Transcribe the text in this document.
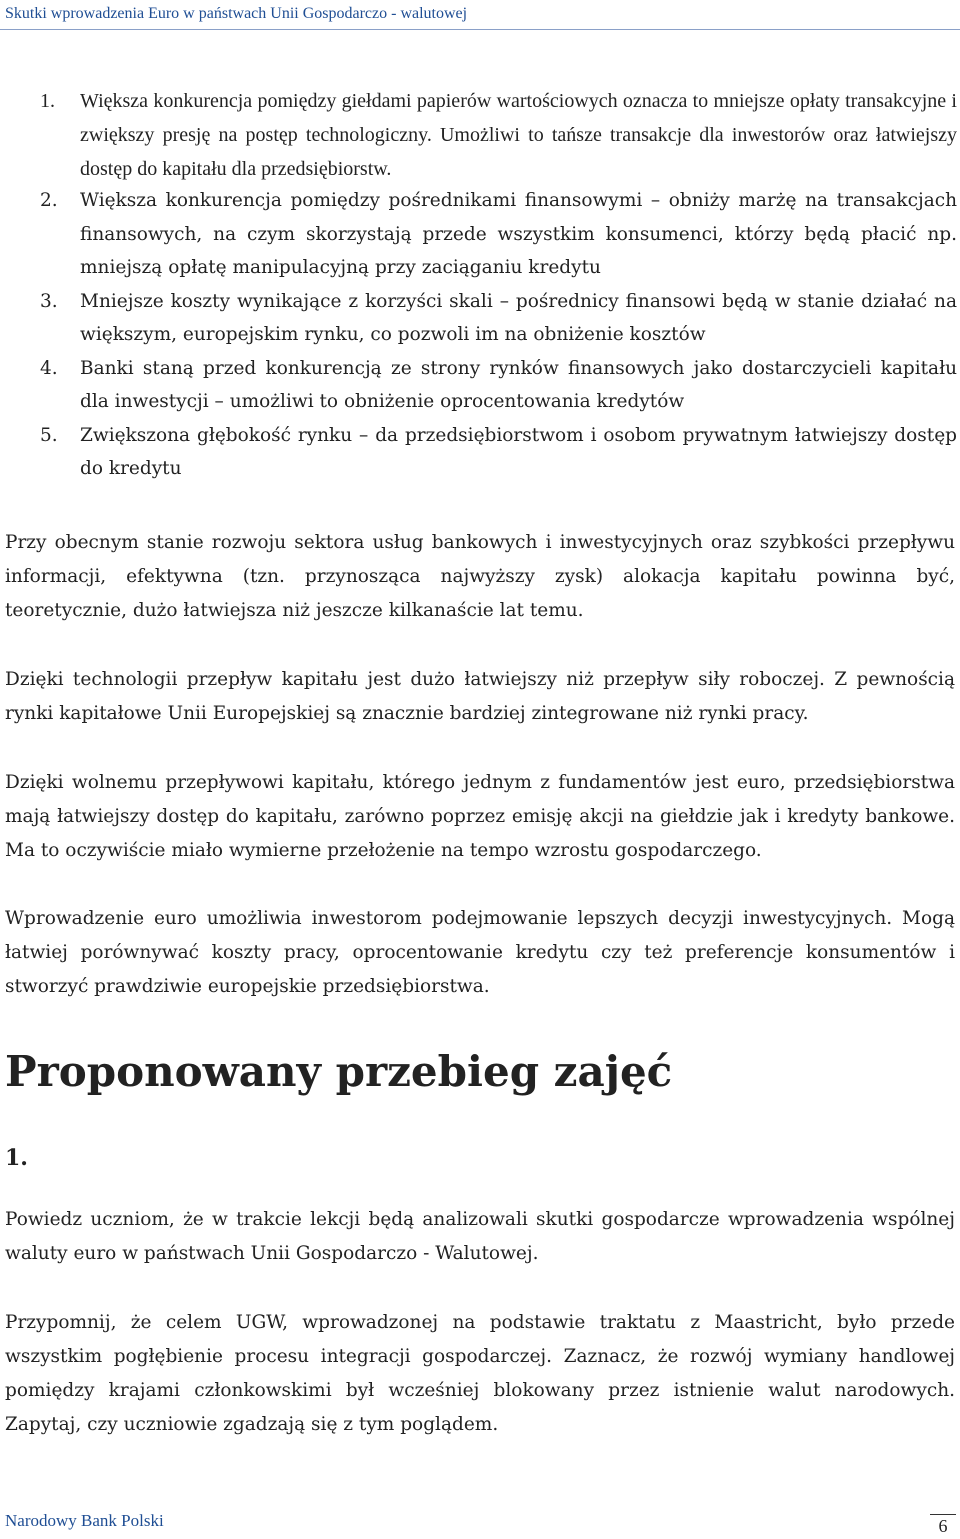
Skutki wprowadzenia Euro w państwach Unii Gospodarczo - walutowej
1. Większa konkurencja pomiędzy giełdami papierów wartościowych oznacza to mniejsze opłaty transakcyjne i zwiększy presję na postęp technologiczny. Umożliwi to tańsze transakcje dla inwestorów oraz łatwiejszy dostęp do kapitału dla przedsiębiorstw.
2. Większa konkurencja pomiędzy pośrednikami finansowymi – obniży marżę na transakcjach finansowych, na czym skorzystają przede wszystkim konsumenci, którzy będą płacić np. mniejszą opłatę manipulacyjną przy zaciąganiu kredytu
3. Mniejsze koszty wynikające z korzyści skali – pośrednicy finansowi będą w stanie działać na większym, europejskim rynku, co pozwoli im na obniżenie kosztów
4. Banki staną przed konkurencją ze strony rynków finansowych jako dostarczycieli kapitału dla inwestycji – umożliwi to obniżenie oprocentowania kredytów
5. Zwiększona głębokość rynku – da przedsiębiorstwom i osobom prywatnym łatwiejszy dostęp do kredytu
Przy obecnym stanie rozwoju sektora usług bankowych i inwestycyjnych oraz szybkości przepływu informacji, efektywna (tzn. przynosząca najwyższy zysk) alokacja kapitału powinna być, teoretycznie, dużo łatwiejsza niż jeszcze kilkanaście lat temu.
Dzięki technologii przepływ kapitału jest dużo łatwiejszy niż przepływ siły roboczej. Z pewnością rynki kapitałowe Unii Europejskiej są znacznie bardziej zintegrowane niż rynki pracy.
Dzięki wolnemu przepływowi kapitału, którego jednym z fundamentów jest euro, przedsiębiorstwa mają łatwiejszy dostęp do kapitału, zarówno poprzez emisję akcji na giełdzie jak i kredyty bankowe. Ma to oczywiście miało wymierne przełożenie na tempo wzrostu gospodarczego.
Wprowadzenie euro umożliwia inwestorom podejmowanie lepszych decyzji inwestycyjnych. Mogą łatwiej porównywać koszty pracy, oprocentowanie kredytu czy też preferencje konsumentów i stworzyć prawdziwie europejskie przedsiębiorstwa.
Proponowany przebieg zajęć
1.
Powiedz uczniom, że w trakcie lekcji będą analizowali skutki gospodarcze wprowadzenia wspólnej waluty euro w państwach Unii Gospodarczo - Walutowej.
Przypomnij, że celem UGW, wprowadzonej na podstawie traktatu z Maastricht, było przede wszystkim pogłębienie procesu integracji gospodarczej. Zaznacz, że rozwój wymiany handlowej pomiędzy krajami członkowskimi był wcześniej blokowany przez istnienie walut narodowych. Zapytaj, czy uczniowie zgadzają się z tym poglądem.
Narodowy Bank Polski	6
